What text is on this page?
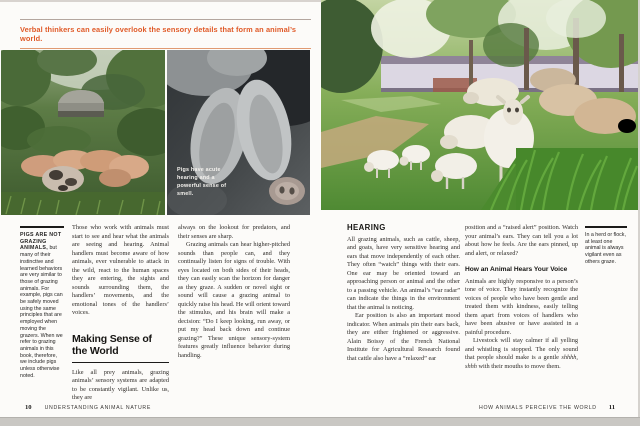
Verbal thinkers can easily overlook the sensory details that form an animal’s world.
Pigs have acute hearing and a powerful sense of smell.
PIGS ARE NOT GRAZING ANIMALS, but many of their instinctive and learned behaviors are very similar to those of grazing animals. For example, pigs can be safely moved using the same principles that are employed when moving the grazers. When we refer to grazing animals in this book, therefore, we include pigs unless otherwise noted.

Those who work with animals must start to see and hear what the animals are seeing and hearing. Animal handlers must become aware of how animals, ever vulnerable to attack in the wild, react to the human spaces they are entering, the sights and sounds surrounding them, the handlers’ movements, and the emotional tones of the handlers’ voices.

Making Sense of the World

Like all prey animals, grazing animals’ sensory systems are adapted to be constantly vigilant. Unlike us, they are

always on the lookout for predators, and their senses are sharp.

Grazing animals can hear higher-pitched sounds than people can, and they continually listen for signs of trouble. With eyes located on both sides of their heads, they can easily scan the horizon for danger as they graze. A sudden or novel sight or sound will cause a grazing animal to quickly raise his head. He will orient toward the stimulus, and his brain will make a decision: “Do I keep looking, run away, or put my head back down and continue grazing?” These unique sensory-system features greatly influence behavior during handling.

HEARING

All grazing animals, such as cattle, sheep, and goats, have very sensitive hearing and ears that move independently of each other. They often “watch” things with their ears. One ear may be oriented toward an approaching person or animal and the other to a passing vehicle. An animal’s “ear radar” can indicate the things in the environment that the animal is noticing.

Ear position is also an important mood indicator. When animals pin their ears back, they are either frightened or aggressive. Alain Boissy of the French National Institute for Agricultural Research found that cattle also have a “relaxed” ear

position and a “raised alert” position. Watch your animal’s ears. They can tell you a lot about how he feels. Are the ears pinned, up and alert, or relaxed?

How an Animal Hears Your Voice

Animals are highly responsive to a person’s tone of voice. They instantly recognize the voices of people who have been gentle and treated them with kindness, easily telling them apart from voices of handlers who have been abusive or have assisted in a painful procedure.

Livestock will stay calmer if all yelling and whistling is stopped. The only sound that people should make is a gentle shhhh, shhh with their mouths to move them.

In a herd or flock, at least one animal is always vigilant even as others graze.
10	UNDERSTANDING ANIMAL NATURE	HOW ANIMALS PERCEIVE THE WORLD 11
